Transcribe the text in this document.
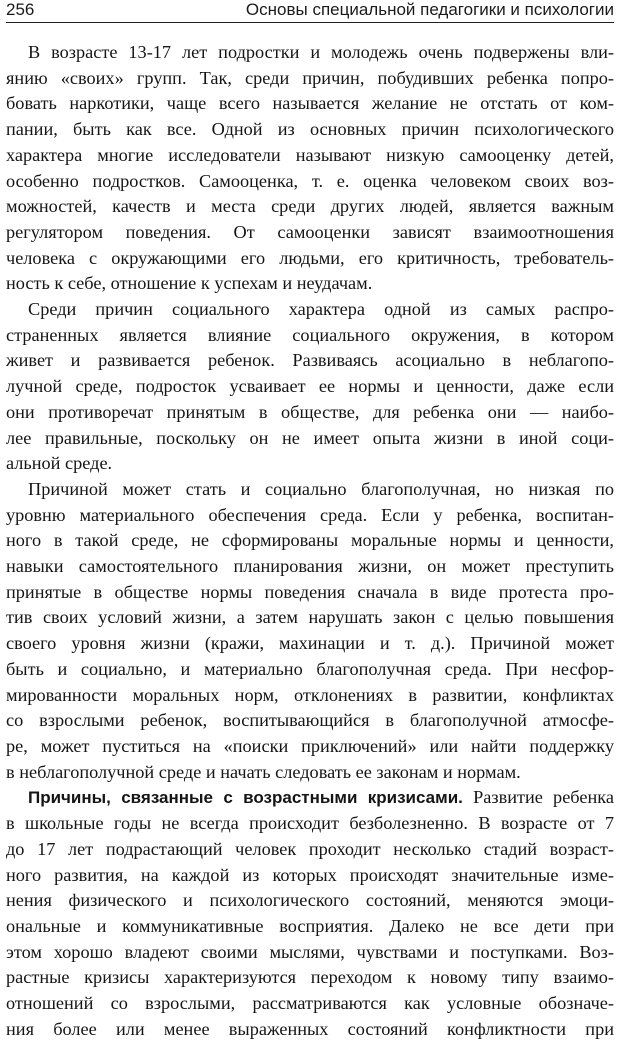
256	Основы специальной педагогики и психологии
В возрасте 13-17 лет подростки и молодежь очень подвержены вли-
янию «своих» групп. Так, среди причин, побудивших ребенка попро-
бовать наркотики, чаще всего называется желание не отстать от ком-
пании, быть как все. Одной из основных причин психологического
характера многие исследователи называют низкую самооценку детей,
особенно подростков. Самооценка, т. е. оценка человеком своих воз-
можностей, качеств и места среди других людей, является важным
регулятором поведения. От самооценки зависят взаимоотношения
человека с окружающими его людьми, его критичность, требователь-
ность к себе, отношение к успехам и неудачам.
Среди причин социального характера одной из самых распро-
страненных является влияние социального окружения, в котором
живет и развивается ребенок. Развиваясь асоциально в неблагопо-
лучной среде, подросток усваивает ее нормы и ценности, даже если
они противоречат принятым в обществе, для ребенка они — наибо-
лее правильные, поскольку он не имеет опыта жизни в иной соци-
альной среде.
Причиной может стать и социально благополучная, но низкая по
уровню материального обеспечения среда. Если у ребенка, воспитан-
ного в такой среде, не сформированы моральные нормы и ценности,
навыки самостоятельного планирования жизни, он может преступить
принятые в обществе нормы поведения сначала в виде протеста про-
тив своих условий жизни, а затем нарушать закон с целью повышения
своего уровня жизни (кражи, махинации и т. д.). Причиной может
быть и социально, и материально благополучная среда. При несфор-
мированности моральных норм, отклонениях в развитии, конфликтах
со взрослыми ребенок, воспитывающийся в благополучной атмосфе-
ре, может пуститься на «поиски приключений» или найти поддержку
в неблагополучной среде и начать следовать ее законам и нормам.
Причины, связанные с возрастными кризисами. Развитие ребенка
в школьные годы не всегда происходит безболезненно. В возрасте от 7
до 17 лет подрастающий человек проходит несколько стадий возраст-
ного развития, на каждой из которых происходят значительные изме-
нения физического и психологического состояний, меняются эмоци-
ональные и коммуникативные восприятия. Далеко не все дети при
этом хорошо владеют своими мыслями, чувствами и поступками. Воз-
растные кризисы характеризуются переходом к новому типу взаимо-
отношений со взрослыми, рассматриваются как условные обозначе-
ния более или менее выраженных состояний конфликтности при
